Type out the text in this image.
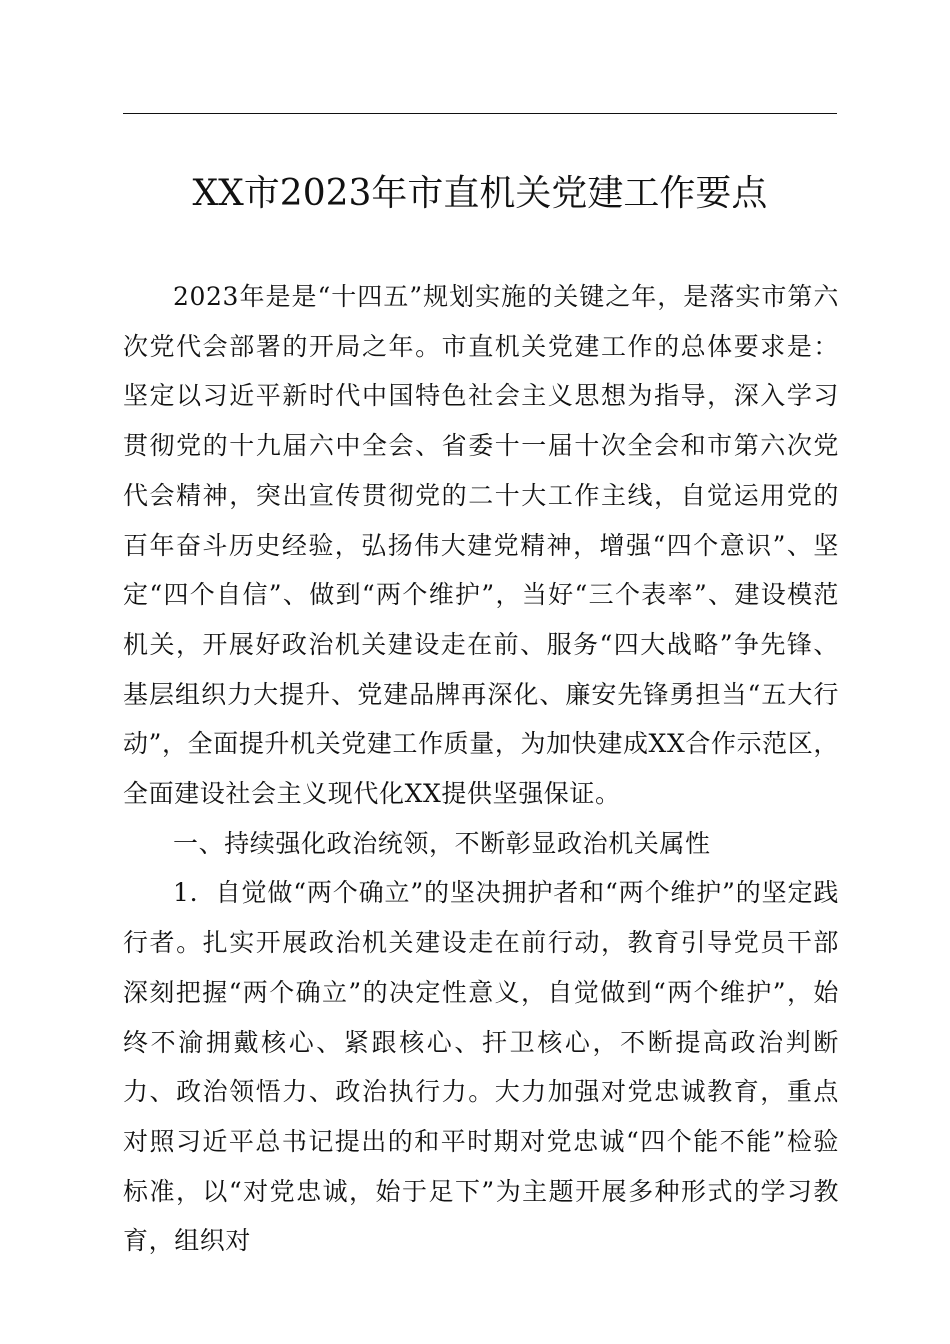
XX市2023年市直机关党建工作要点

2023年是是“十四五”规划实施的关键之年，是落实市第六次党代会部署的开局之年。市直机关党建工作的总体要求是：坚定以习近平新时代中国特色社会主义思想为指导，深入学习贯彻党的十九届六中全会、省委十一届十次全会和市第六次党代会精神，突出宣传贯彻党的二十大工作主线，自觉运用党的百年奋斗历史经验，弘扬伟大建党精神，增强“四个意识”、坚定“四个自信”、做到“两个维护”，当好“三个表率”、建设模范机关，开展好政治机关建设走在前、服务“四大战略”争先锋、基层组织力大提升、党建品牌再深化、廉安先锋勇担当“五大行动”，全面提升机关党建工作质量，为加快建成XX合作示范区，全面建设社会主义现代化XX提供坚强保证。

一、持续强化政治统领，不断彰显政治机关属性

1．自觉做“两个确立”的坚决拥护者和“两个维护”的坚定践行者。扎实开展政治机关建设走在前行动，教育引导党员干部深刻把握“两个确立”的决定性意义，自觉做到“两个维护”，始终不渝拥戴核心、紧跟核心、扞卫核心，不断提高政治判断力、政治领悟力、政治执行力。大力加强对党忠诚教育，重点对照习近平总书记提出的和平时期对党忠诚“四个能不能”检验标准，以“对党忠诚，始于足下”为主题开展多种形式的学习教育，组织对
